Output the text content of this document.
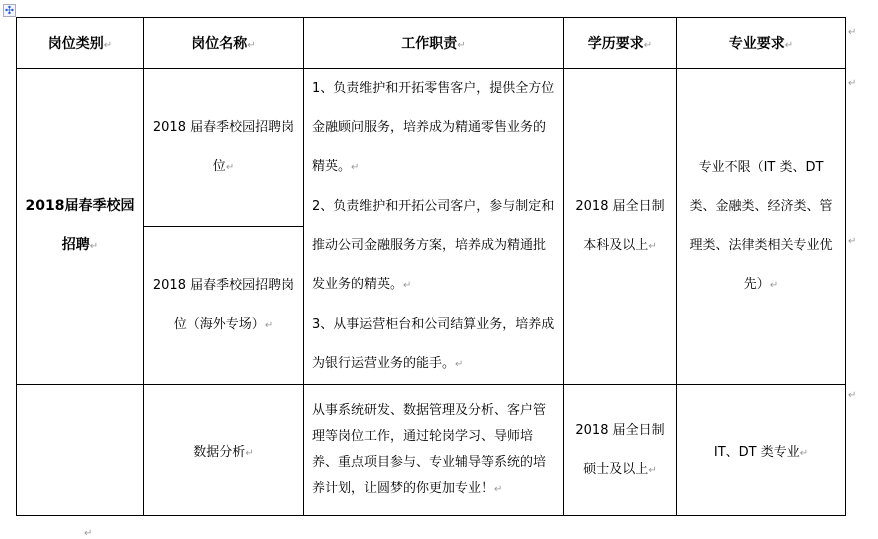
✣
岗位类别 ↵	岗位名称 ↵	工作职责 ↵	学历要求 ↵	专业要求 ↵
2018届春季校园招聘 ↵	2018 届春季校园招聘岗位 ↵	1、负责维护和开拓零售客户，提供全方位金融顾问服务，培养成为精通零售业务的精英。 ↵
2、负责维护和开拓公司客户，参与制定和推动公司金融服务方案，培养成为精通批发业务的精英。 ↵
3、从事运营柜台和公司结算业务，培养成为银行运营业务的能手。 ↵	2018 届全日制本科及以上 ↵	专业不限（IT 类、DT 类、金融类、经济类、管理类、法律类相关专业优先） ↵
	2018 届春季校园招聘岗位（海外专场） ↵
	数据分析 ↵	从事系统研发、数据管理及分析、客户管理等岗位工作，通过轮岗学习、导师培养、重点项目参与、专业辅导等系统的培养计划，让圆梦的你更加专业！ ↵	2018 届全日制硕士及以上 ↵	IT、DT 类专业 ↵
↵
↵
↵
↵
↵
